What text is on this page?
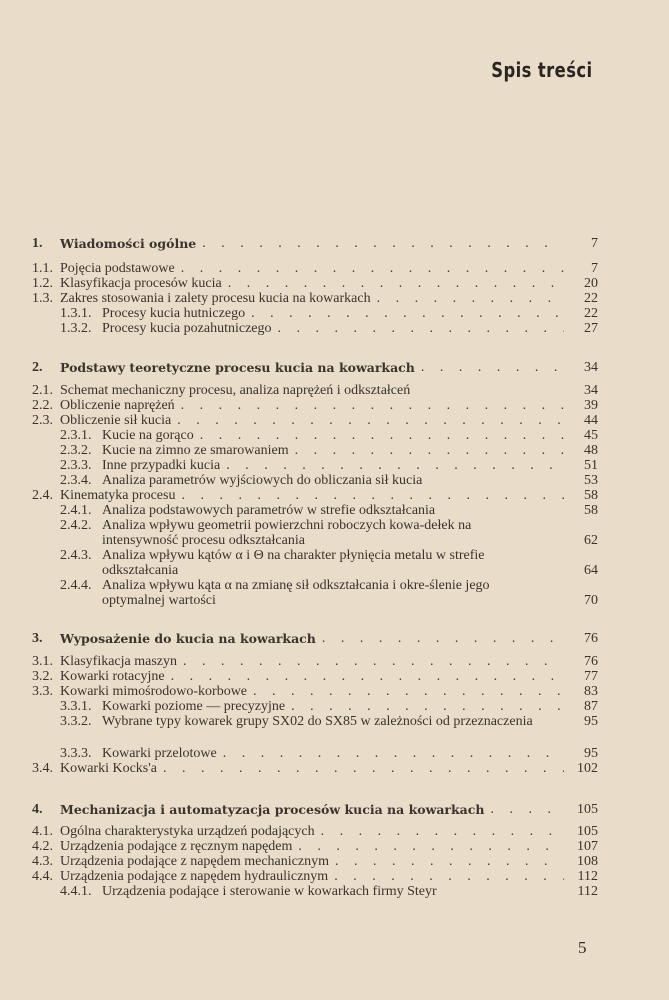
Spis treści
1.	Wiadomości ogólne . . .	7
1.1. Pojęcia podstawowe . . .	7
1.2. Klasyfikacja procesów kucia . . .	20
1.3. Zakres stosowania i zalety procesu kucia na kowarkach . . .	22
1.3.1. Procesy kucia hutniczego . . .	22
1.3.2. Procesy kucia pozahutniczego . . .	27
2.	Podstawy teoretyczne procesu kucia na kowarkach . . .	34
2.1. Schemat mechaniczny procesu, analiza naprężeń i odkształceń	34
2.2. Obliczenie naprężeń . . .	39
2.3. Obliczenie sił kucia . . .	44
2.3.1. Kucie na gorąco . . .	45
2.3.2. Kucie na zimno ze smarowaniem . . .	48
2.3.3. Inne przypadki kucia . . .	51
2.3.4. Analiza parametrów wyjściowych do obliczania sił kucia	53
2.4. Kinematyka procesu . . .	58
2.4.1. Analiza podstawowych parametrów w strefie odkształcania	58
2.4.2. Analiza wpływu geometrii powierzchni roboczych kowa-dełek na intensywność procesu odkształcania	62
2.4.3. Analiza wpływu kątów α i Θ na charakter płynięcia metalu w strefie odkształcania	64
2.4.4. Analiza wpływu kąta α na zmianę sił odkształcania i okre-ślenie jego optymalnej wartości	70
3.	Wyposażenie do kucia na kowarkach . . .	76
3.1. Klasyfikacja maszyn . . .	76
3.2. Kowarki rotacyjne . . .	77
3.3. Kowarki mimośrodowo-korbowe . . .	83
3.3.1. Kowarki poziome — precyzyjne . . .	87
3.3.2. Wybrane typy kowarek grupy SX02 do SX85 w zależności od przeznaczenia	95
3.3.3. Kowarki przelotowe . . .	95
3.4. Kowarki Kocks'a . . .	102
4.	Mechanizacja i automatyzacja procesów kucia na kowarkach . . .	105
4.1. Ogólna charakterystyka urządzeń podających . . .	105
4.2. Urządzenia podające z ręcznym napędem . . .	107
4.3. Urządzenia podające z napędem mechanicznym . . .	108
4.4. Urządzenia podające z napędem hydraulicznym . . .	112
4.4.1. Urządzenia podające i sterowanie w kowarkach firmy Steyr	112
5
